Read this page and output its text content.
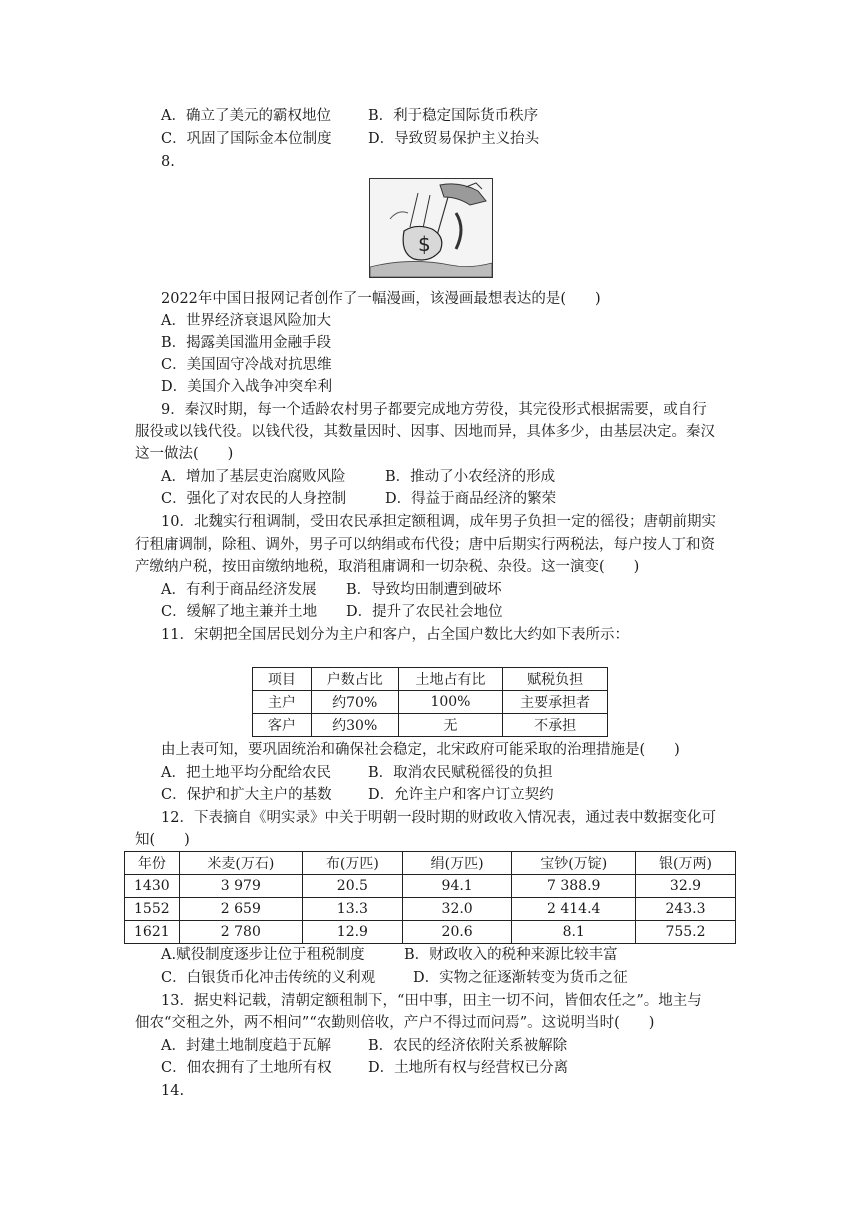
A．确立了美元的霸权地位	B．利于稳定国际货币秩序
C．巩固了国际金本位制度	D．导致贸易保护主义抬头
8.
$
2022年中国日报网记者创作了一幅漫画，该漫画最想表达的是(　　)
A．世界经济衰退风险加大
B．揭露美国滥用金融手段
C．美国固守冷战对抗思维
D．美国介入战争冲突牟利
9．秦汉时期，每一个适龄农村男子都要完成地方劳役，其完役形式根据需要，或自行
服役或以钱代役。以钱代役，其数量因时、因事、因地而异，具体多少，由基层决定。秦汉
这一做法(　　)
A．增加了基层吏治腐败风险	B．推动了小农经济的形成
C．强化了对农民的人身控制	D．得益于商品经济的繁荣
10．北魏实行租调制，受田农民承担定额租调，成年男子负担一定的徭役；唐朝前期实
行租庸调制，除租、调外，男子可以纳绢或布代役；唐中后期实行两税法，每户按人丁和资
产缴纳户税，按田亩缴纳地税，取消租庸调和一切杂税、杂役。这一演变(　　)
A．有利于商品经济发展 B．导致均田制遭到破坏
C．缓解了地主兼并土地 D．提升了农民社会地位
11．宋朝把全国居民划分为主户和客户，占全国户数比大约如下表所示：
项目	户数占比	土地占有比	赋税负担
主户	约70%	100%	主要承担者
客户	约30%	无	不承担
由上表可知，要巩固统治和确保社会稳定，北宋政府可能采取的治理措施是(　　)
A．把土地平均分配给农民	B．取消农民赋税徭役的负担
C．保护和扩大主户的基数	D．允许主户和客户订立契约
12．下表摘自《明实录》中关于明朝一段时期的财政收入情况表，通过表中数据变化可
知(　　)
年份	米麦(万石)	布(万匹)	绢(万匹)	宝钞(万锭)	银(万两)
1430	3 979	20.5	94.1	7 388.9	32.9
1552	2 659	13.3	32.0	2 414.4	243.3
1621	2 780	12.9	20.6	8.1	755.2
A.赋役制度逐步让位于租税制度	B．财政收入的税种来源比较丰富
C．白银货币化冲击传统的义利观	D．实物之征逐渐转变为货币之征
13．据史料记载，清朝定额租制下，“田中事，田主一切不问，皆佃农任之”。地主与
佃农“交租之外，两不相问”“农勤则倍收，产户不得过而问焉”。这说明当时(　　)
A．封建土地制度趋于瓦解	B．农民的经济依附关系被解除
C．佃农拥有了土地所有权	D．土地所有权与经营权已分离
14.
